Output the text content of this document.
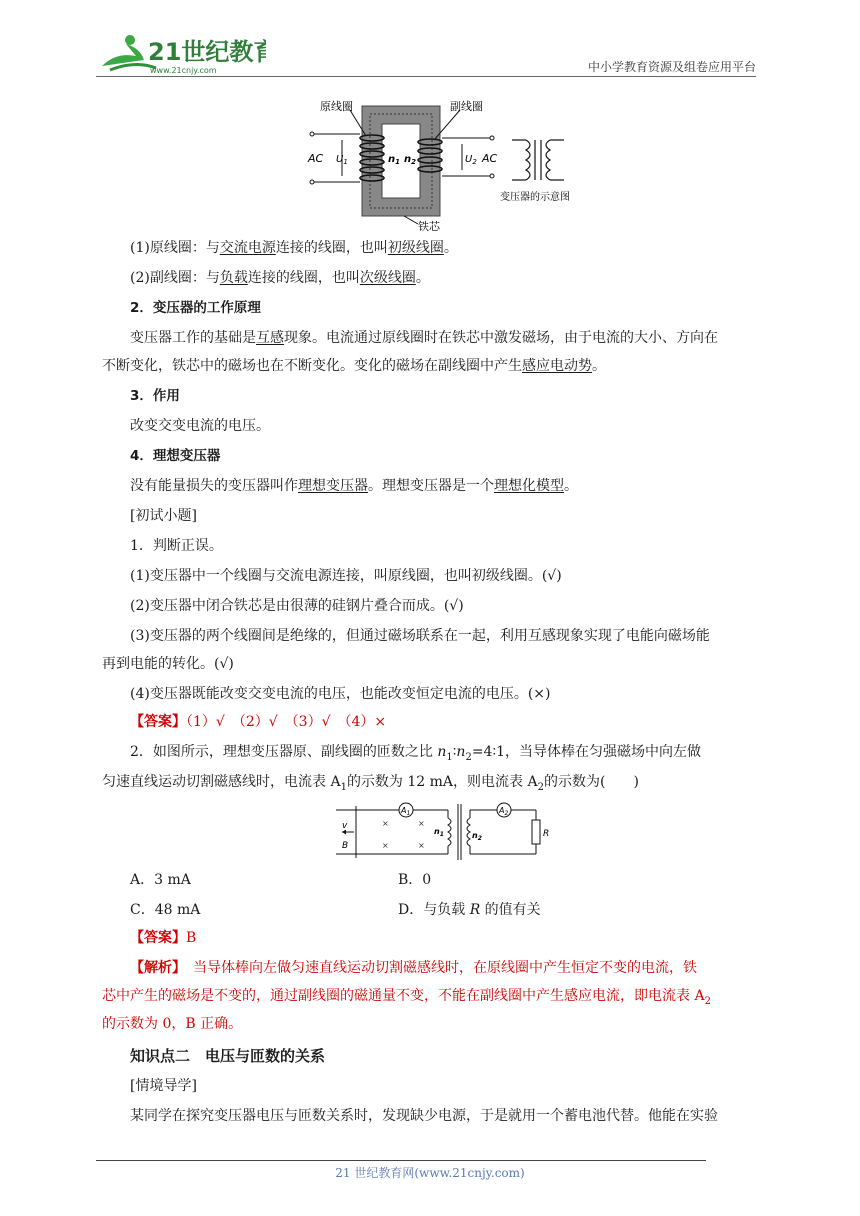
21世纪教育
www.21cnjy.com	中小学教育资源及组卷应用平台
原线圈	副线圈
铁芯
AC	AC
$U_1$	$U_2$
$n_1$ $n_2$
变压器的示意图
(1)原线圈：与交流电源连接的线圈，也叫初级线圈。
(2)副线圈：与负载连接的线圈，也叫次级线圈。
2．变压器的工作原理
变压器工作的基础是互感现象。电流通过原线圈时在铁芯中激发磁场，由于电流的大小、方向在
不断变化，铁芯中的磁场也在不断变化。变化的磁场在副线圈中产生感应电动势。
3．作用
改变交变电流的电压。
4．理想变压器
没有能量损失的变压器叫作理想变压器。理想变压器是一个理想化模型。
[初试小题]
1．判断正误。
(1)变压器中一个线圈与交流电源连接，叫原线圈，也叫初级线圈。(√)
(2)变压器中闭合铁芯是由很薄的硅钢片叠合而成。(√)
(3)变压器的两个线圈间是绝缘的，但通过磁场联系在一起，利用互感现象实现了电能向磁场能
再到电能的转化。(√)
(4)变压器既能改变交变电流的电压，也能改变恒定电流的电压。(×)
【答案】（1）√　（2）√　（3）√　（4）×
2．如图所示，理想变压器原、副线圈的匝数之比 $n_1∶n_2=4∶1$，当导体棒在匀强磁场中向左做
匀速直线运动切割磁感线时，电流表 $A_1$的示数为 12 mA，则电流表 $A_2$的示数为(　　)
v
B
×	×
×	×
$A_1$	$A_2$
$n_1$	$n_2$	R
A．3 mA	B．0
C．48 mA	D．与负载 R 的值有关
【答案】B
【解析】　当导体棒向左做匀速直线运动切割磁感线时，在原线圈中产生恒定不变的电流，铁
芯中产生的磁场是不变的，通过副线圈的磁通量不变，不能在副线圈中产生感应电流，即电流表 $A_2$
的示数为 0，B 正确。
知识点二　电压与匝数的关系
[情境导学]
某同学在探究变压器电压与匝数关系时，发现缺少电源，于是就用一个蓄电池代替。他能在实验
21 世纪教育网(www.21cnjy.com)
